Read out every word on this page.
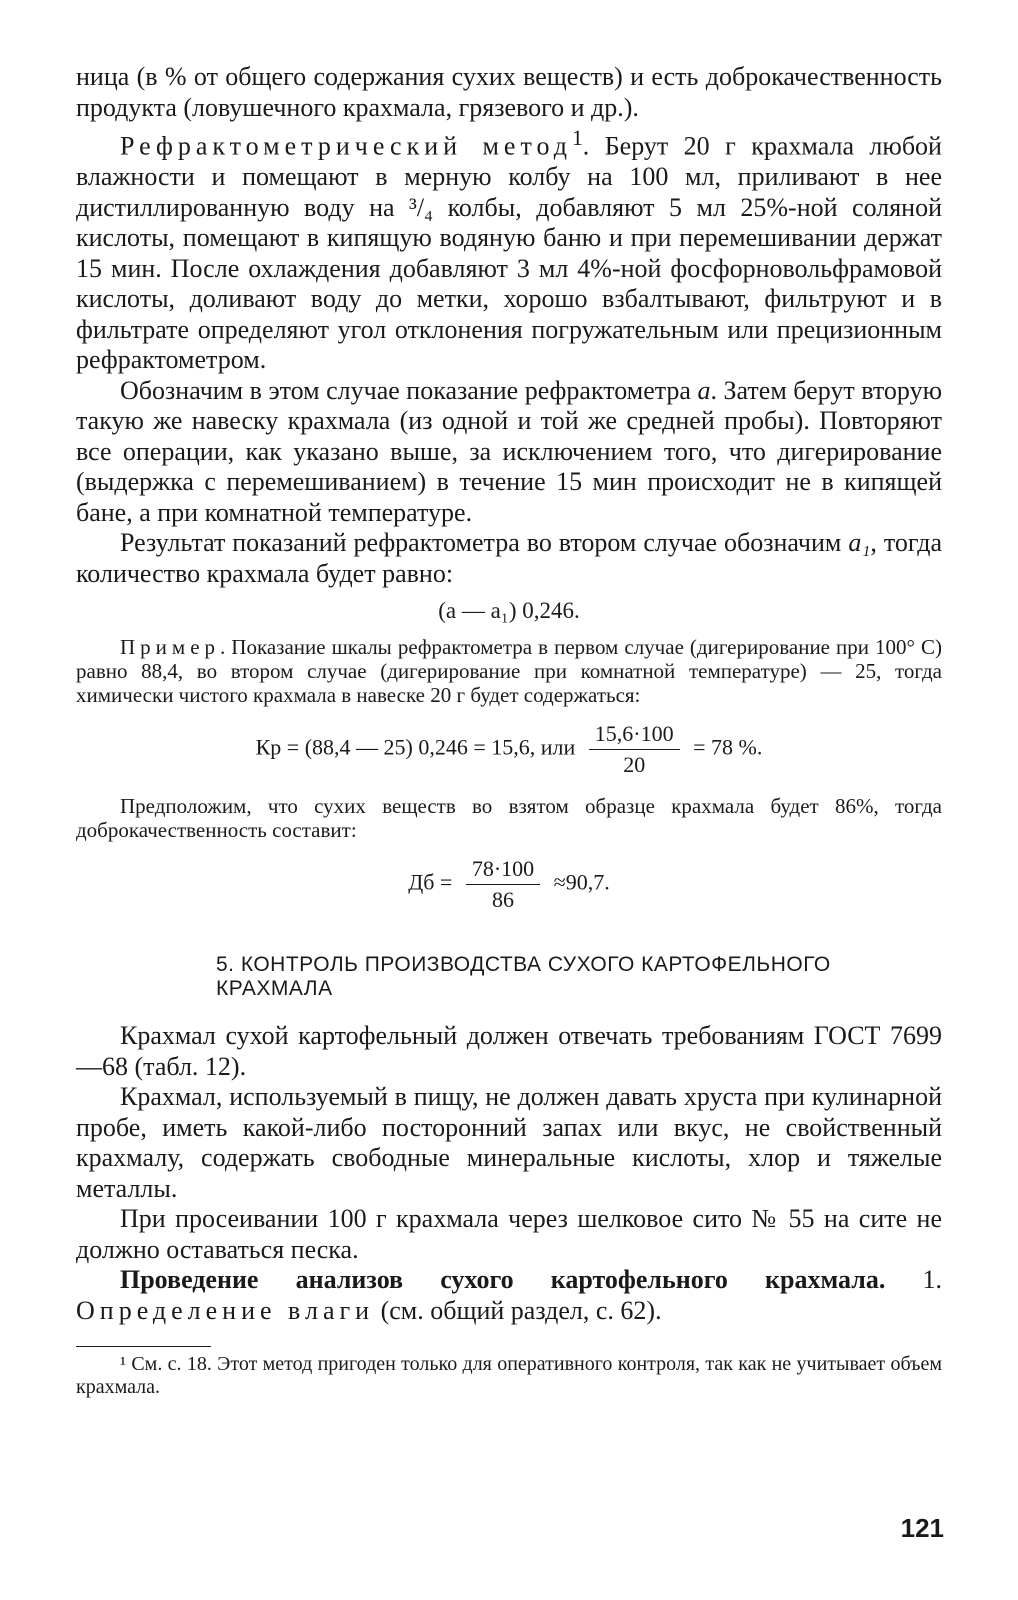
ница (в % от общего содержания сухих веществ) и есть доброкачественность продукта (ловушечного крахмала, грязевого и др.).

Рефрактометрический метод$^1$. Берут 20 г крахмала любой влажности и помещают в мерную колбу на 100 мл, приливают в нее дистиллированную воду на ³/₄ колбы, добавляют 5 мл 25%-ной соляной кислоты, помещают в кипящую водяную баню и при перемешивании держат 15 мин. После охлаждения добавляют 3 мл 4%-ной фосфорновольфрамовой кислоты, доливают воду до метки, хорошо взбалтывают, фильтруют и в фильтрате определяют угол отклонения погружательным или прецизионным рефрактометром.

Обозначим в этом случае показание рефрактометра a. Затем берут вторую такую же навеску крахмала (из одной и той же средней пробы). Повторяют все операции, как указано выше, за исключением того, что дигерирование (выдержка с перемешиванием) в течение 15 мин происходит не в кипящей бане, а при комнатной температуре.

Результат показаний рефрактометра во втором случае обозначим a₁, тогда количество крахмала будет равно:

(a — a₁) 0,246.

Пример. Показание шкалы рефрактометра в первом случае (дигерирование при 100° С) равно 88,4, во втором случае (дигерирование при комнатной температуре) — 25, тогда химически чистого крахмала в навеске 20 г будет содержаться:

Кр = (88,4 — 25) 0,246 = 15,6, или $\frac{15,6\cdot 100}{20} = 78$ %.

Предположим, что сухих веществ во взятом образце крахмала будет 86%, тогда доброкачественность составит:

Дб = $\frac{78\cdot 100}{86} \approx 90,7$.
5. КОНТРОЛЬ ПРОИЗВОДСТВА СУХОГО КАРТОФЕЛЬНОГО КРАХМАЛА

Крахмал сухой картофельный должен отвечать требованиям ГОСТ 7699—68 (табл. 12).

Крахмал, используемый в пищу, не должен давать хруста при кулинарной пробе, иметь какой-либо посторонний запах или вкус, не свойственный крахмалу, содержать свободные минеральные кислоты, хлор и тяжелые металлы.

При просеивании 100 г крахмала через шелковое сито № 55 на сите не должно оставаться песка.

Проведение анализов сухого картофельного крахмала. 1. Определение влаги (см. общий раздел, с. 62).

¹ См. с. 18. Этот метод пригоден только для оперативного контроля, так как не учитывает объем крахмала.

121
